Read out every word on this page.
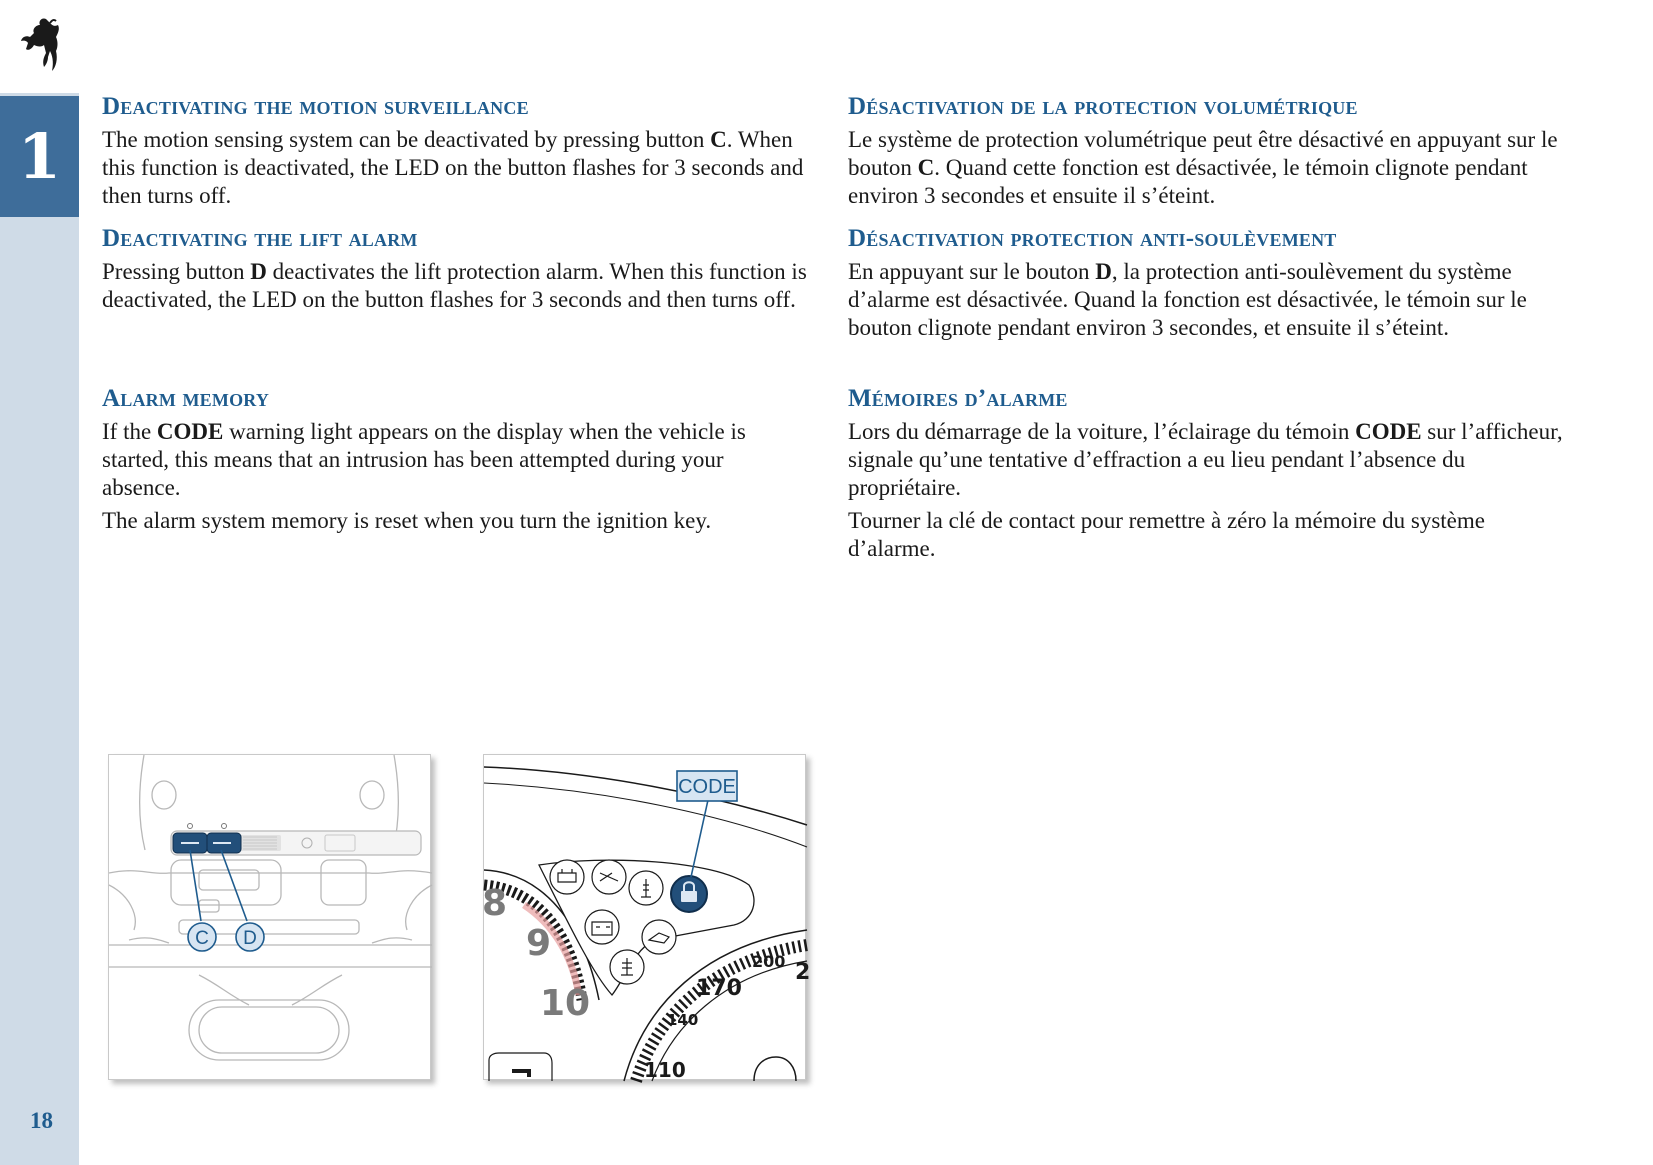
1
18
Deactivating the motion surveillance

The motion sensing system can be deactivated by pressing button C. When this function is deactivated, the LED on the button flashes for 3 seconds and then turns off.

Deactivating the lift alarm

Pressing button D deactivates the lift protection alarm. When this function is deactivated, the LED on the button flashes for 3 seconds and then turns off.

Alarm memory

If the CODE warning light appears on the display when the vehicle is started, this means that an intrusion has been attempted during your absence.

The alarm system memory is reset when you turn the ignition key.

Désactivation de la protection volumétrique

Le système de protection volumétrique peut être désactivé en appuyant sur le bouton C. Quand cette fonction est désactivée, le témoin clignote pendant environ 3 secondes et ensuite il s’éteint.

Désactivation protection anti-soulèvement

En appuyant sur le bouton D, la protection anti-soulèvement du système d’alarme est désactivée. Quand la fonction est désactivée, le témoin sur le bouton clignote pendant environ 3 secondes, et ensuite il s’éteint.

Mémoires d’alarme

Lors du démarrage de la voiture, l’éclairage du témoin CODE sur l’afficheur, signale qu’une tentative d’effraction a eu lieu pendant l’absence du propriétaire.

Tourner la clé de contact pour remettre à zéro la mémoire du système d’alarme.

C D
8
9
10
CODE
200
170
140
110
2
